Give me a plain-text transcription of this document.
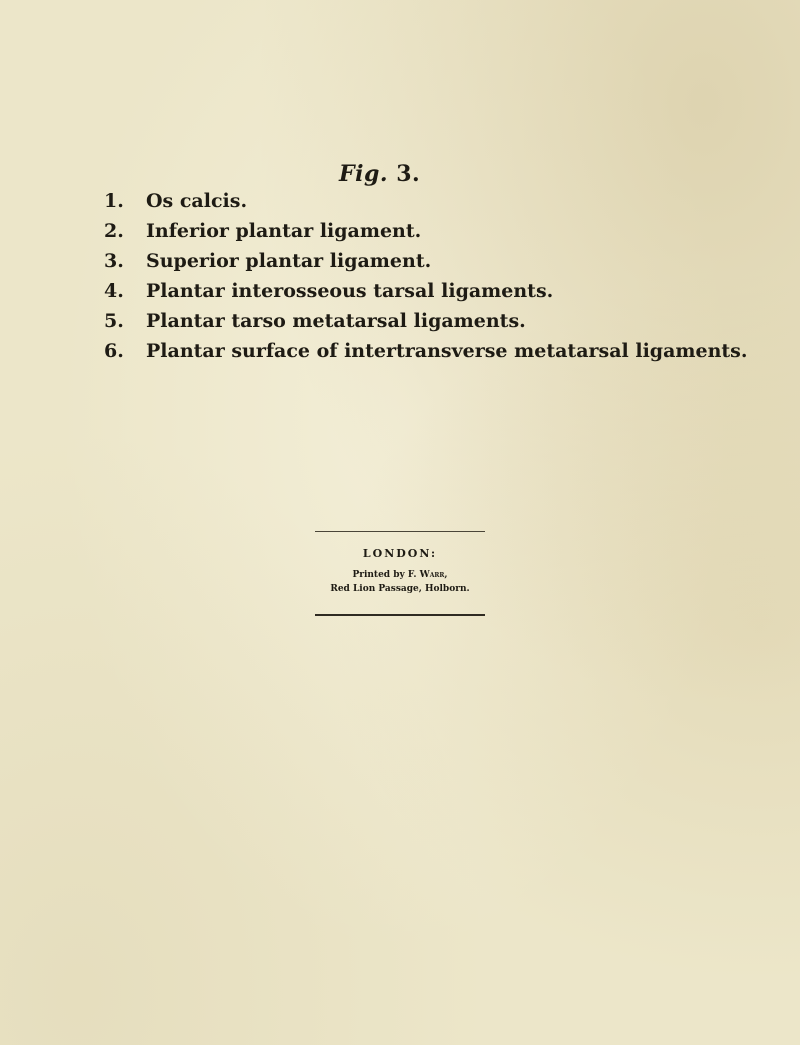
Fig. 3.
1.	Os calcis.
2.	Inferior plantar ligament.
3.	Superior plantar ligament.
4.	Plantar interosseous tarsal ligaments.
5.	Plantar tarso metatarsal ligaments.
6.	Plantar surface of intertransverse metatarsal ligaments.
LONDON:
Printed by F. Warr,
Red Lion Passage, Holborn.
